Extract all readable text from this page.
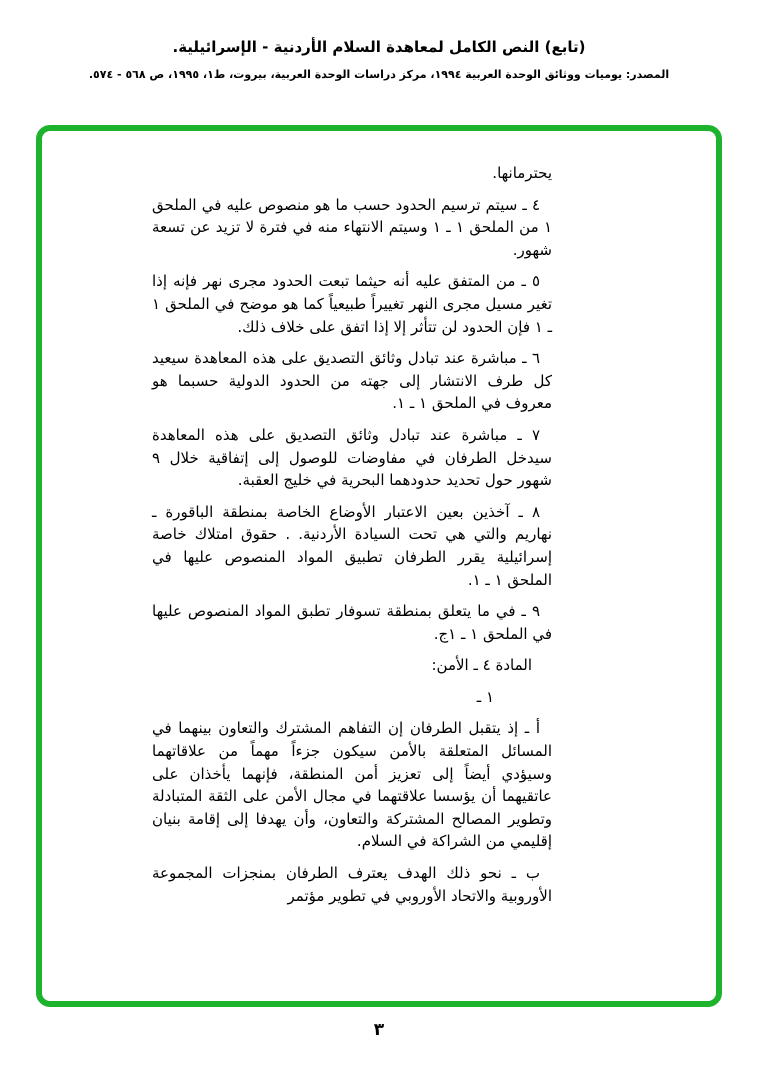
(تابع) النص الكامل لمعاهدة السلام الأردنية - الإسرائيلية.
المصدر: يوميات ووثائق الوحدة العربية ١٩٩٤، مركز دراسات الوحدة العربية، بيروت، ط١، ١٩٩٥، ص ٥٦٨ - ٥٧٤.

يحترمانها.

٤ ـ سيتم ترسيم الحدود حسب ما هو منصوص عليه في الملحق ١ من الملحق ١ ـ ١ وسيتم الانتهاء منه في فترة لا تزيد عن تسعة شهور.

٥ ـ من المتفق عليه أنه حيثما تبعت الحدود مجرى نهر فإنه إذا تغير مسيل مجرى النهر تغييراً طبيعياً كما هو موضح في الملحق ١ ـ ١ فإن الحدود لن تتأثر إلا إذا اتفق على خلاف ذلك.

٦ ـ مباشرة عند تبادل وثائق التصديق على هذه المعاهدة سيعيد كل طرف الانتشار إلى جهته من الحدود الدولية حسبما هو معروف في الملحق ١ ـ ١.

٧ ـ مباشرة عند تبادل وثائق التصديق على هذه المعاهدة سيدخل الطرفان في مفاوضات للوصول إلى إتفاقية خلال ٩ شهور حول تحديد حدودهما البحرية في خليج العقبة.

٨ ـ آخذين بعين الاعتبار الأوضاع الخاصة بمنطقة الباقورة ـ نهاريم والتي هي تحت السيادة الأردنية. . حقوق امتلاك خاصة إسرائيلية يقرر الطرفان تطبيق المواد المنصوص عليها في الملحق ١ ـ ١.

٩ ـ في ما يتعلق بمنطقة تسوفار تطبق المواد المنصوص عليها في الملحق ١ ـ ١ج.

المادة ٤ ـ الأمن:

١ ـ

أ ـ إذ يتقبل الطرفان إن التفاهم المشترك والتعاون بينهما في المسائل المتعلقة بالأمن سيكون جزءاً مهماً من علاقاتهما وسيؤدي أيضاً إلى تعزيز أمن المنطقة، فإنهما يأخذان على عاتقيهما أن يؤسسا علاقتهما في مجال الأمن على الثقة المتبادلة وتطوير المصالح المشتركة والتعاون، وأن يهدفا إلى إقامة بنيان إقليمي من الشراكة في السلام.

ب ـ نحو ذلك الهدف يعترف الطرفان بمنجزات المجموعة الأوروبية والاتحاد الأوروبي في تطوير مؤتمر

٣
